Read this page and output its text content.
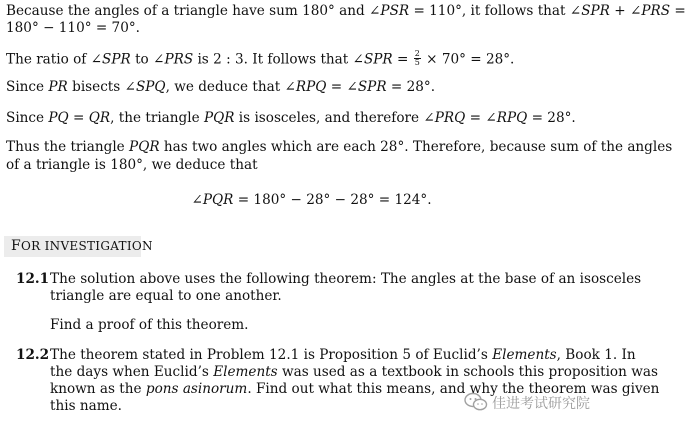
Because the angles of a triangle have sum 180° and ∠PSR = 110°, it follows that ∠SPR + ∠PRS =
180° − 110° = 70°.
The ratio of ∠SPR to ∠PRS is 2 : 3. It follows that ∠SPR = $\frac{2}{5} \times 70^\circ = 28^\circ$.
Since PR bisects ∠SPQ, we deduce that ∠RPQ = ∠SPR = 28°.
Since PQ = QR, the triangle PQR is isosceles, and therefore ∠PRQ = ∠RPQ = 28°.
Thus the triangle PQR has two angles which are each 28°. Therefore, because sum of the angles
of a triangle is 180°, we deduce that
∠PQR = 180° − 28° − 28° = 124°.
FOR INVESTIGATION
12.1 The solution above uses the following theorem: The angles at the base of an isosceles
triangle are equal to one another.
Find a proof of this theorem.
12.2 The theorem stated in Problem 12.1 is Proposition 5 of Euclid’s Elements, Book 1. In
the days when Euclid’s Elements was used as a textbook in schools this proposition was
known as the pons asinorum. Find out what this means, and why the theorem was given
this name.	佳进考试研究院
